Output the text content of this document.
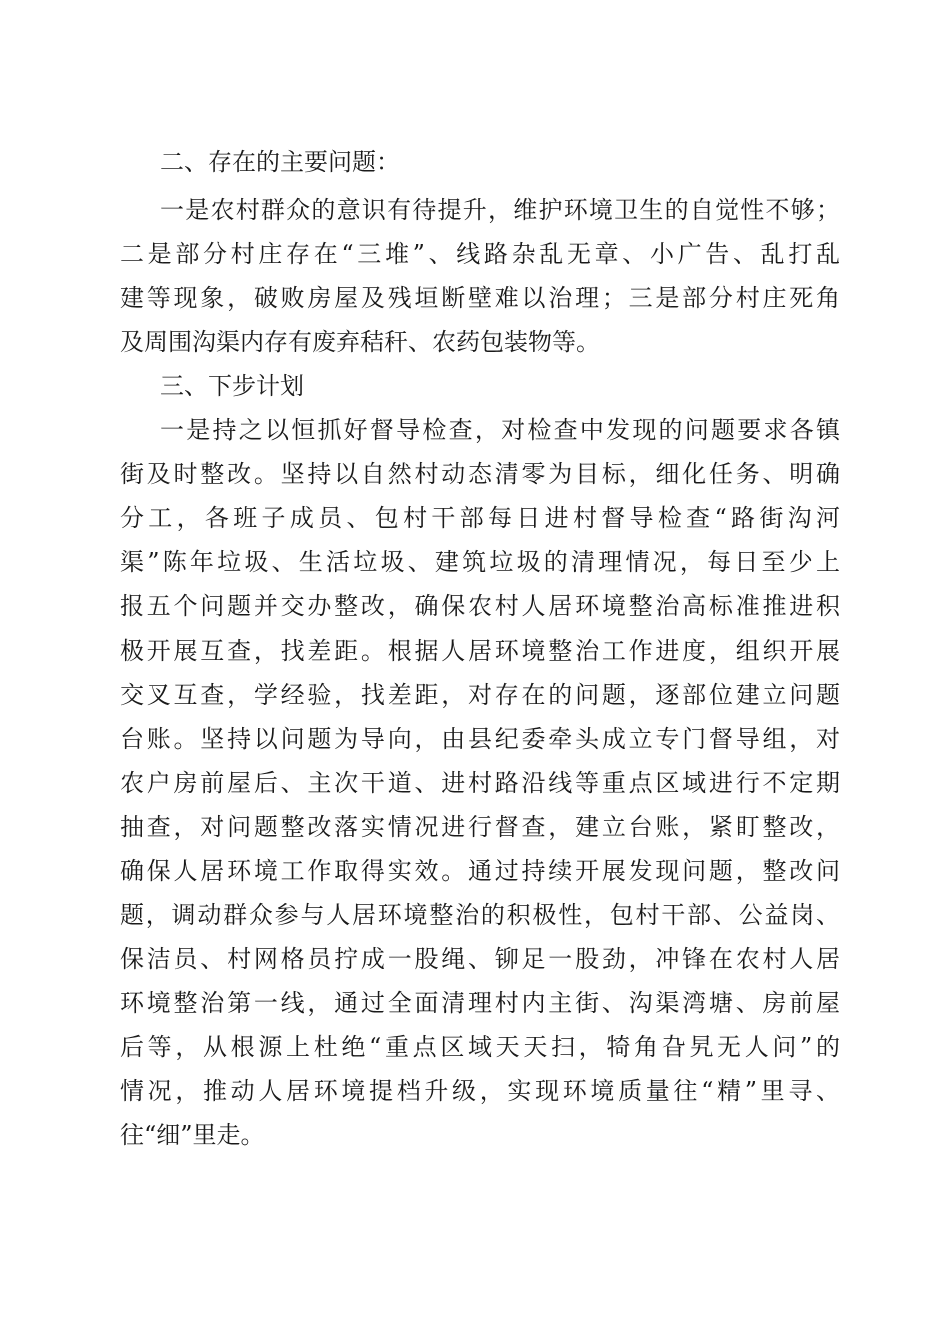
二、存在的主要问题：
一是农村群众的意识有待提升，维护环境卫生的自觉性不够；
二是部分村庄存在“三堆”、线路杂乱无章、小广告、乱打乱
建等现象，破败房屋及残垣断壁难以治理；三是部分村庄死角
及周围沟渠内存有废弃秸秆、农药包装物等。
三、下步计划
一是持之以恒抓好督导检查，对检查中发现的问题要求各镇
街及时整改。坚持以自然村动态清零为目标，细化任务、明确
分工，各班子成员、包村干部每日进村督导检查“路街沟河
渠”陈年垃圾、生活垃圾、建筑垃圾的清理情况，每日至少上
报五个问题并交办整改，确保农村人居环境整治高标准推进积
极开展互查，找差距。根据人居环境整治工作进度，组织开展
交叉互查，学经验，找差距，对存在的问题，逐部位建立问题
台账。坚持以问题为导向，由县纪委牵头成立专门督导组，对
农户房前屋后、主次干道、进村路沿线等重点区域进行不定期
抽查，对问题整改落实情况进行督查，建立台账，紧盯整改，
确保人居环境工作取得实效。通过持续开展发现问题，整改问
题，调动群众参与人居环境整治的积极性，包村干部、公益岗、
保洁员、村网格员拧成一股绳、铆足一股劲，冲锋在农村人居
环境整治第一线，通过全面清理村内主街、沟渠湾塘、房前屋
后等，从根源上杜绝“重点区域天天扫，犄角旮旯无人问”的
情况，推动人居环境提档升级，实现环境质量往“精”里寻、
往“细”里走。
